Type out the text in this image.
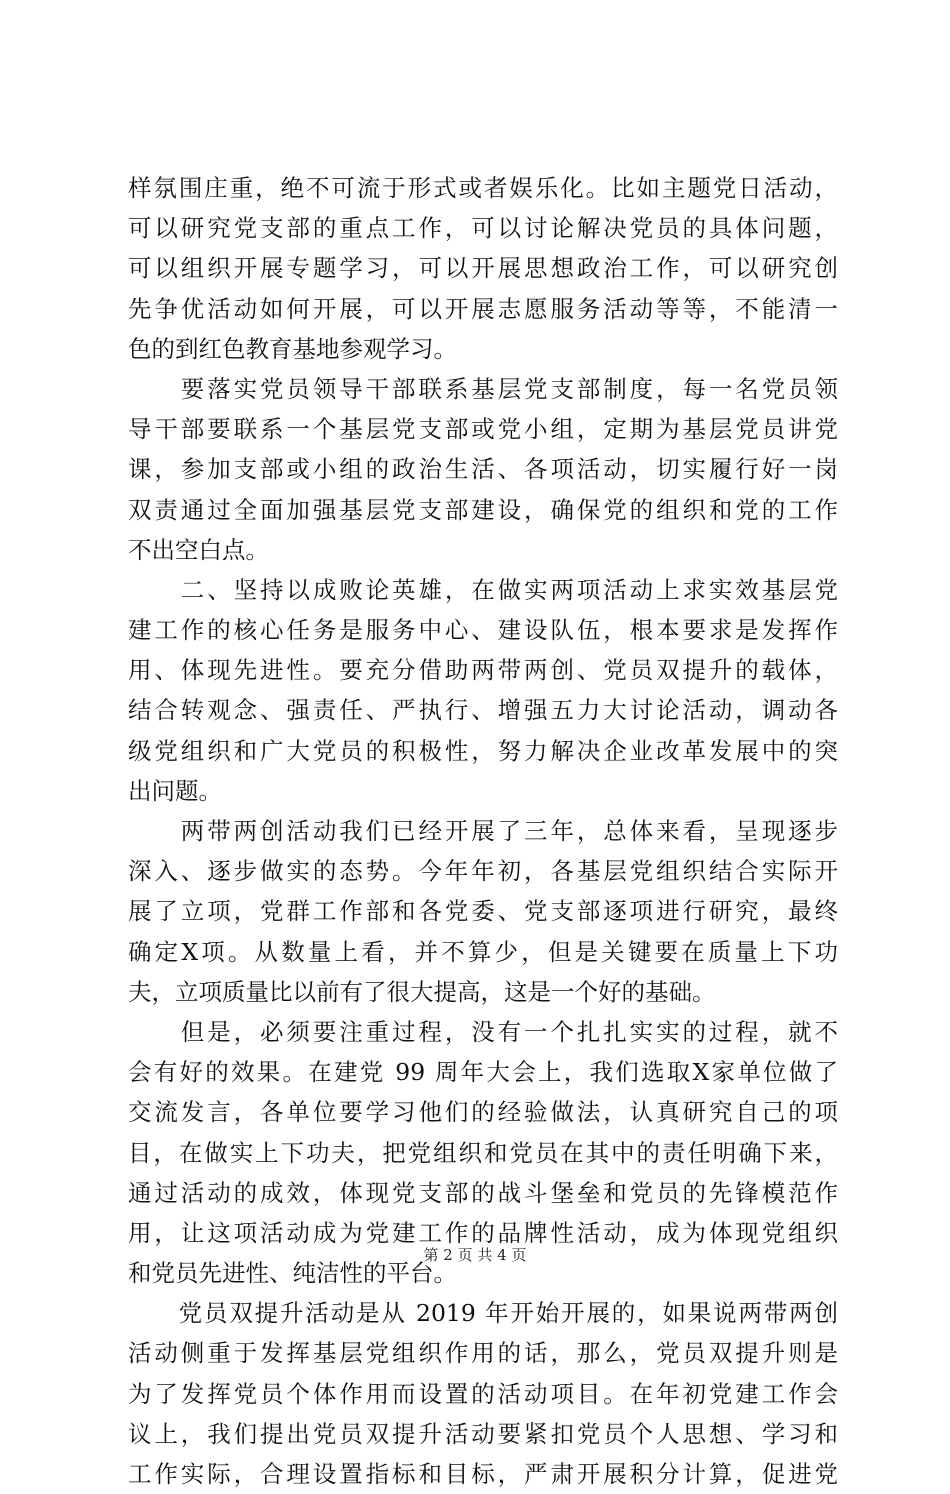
样氛围庄重，绝不可流于形式或者娱乐化。比如主题党日活动，
可以研究党支部的重点工作，可以讨论解决党员的具体问题，
可以组织开展专题学习，可以开展思想政治工作，可以研究创
先争优活动如何开展，可以开展志愿服务活动等等，不能清一
色的到红色教育基地参观学习。
　　要落实党员领导干部联系基层党支部制度，每一名党员领
导干部要联系一个基层党支部或党小组，定期为基层党员讲党
课，参加支部或小组的政治生活、各项活动，切实履行好一岗
双责通过全面加强基层党支部建设，确保党的组织和党的工作
不出空白点。
　　二、坚持以成败论英雄，在做实两项活动上求实效基层党
建工作的核心任务是服务中心、建设队伍，根本要求是发挥作
用、体现先进性。要充分借助两带两创、党员双提升的载体，
结合转观念、强责任、严执行、增强五力大讨论活动，调动各
级党组织和广大党员的积极性，努力解决企业改革发展中的突
出问题。
　　两带两创活动我们已经开展了三年，总体来看，呈现逐步
深入、逐步做实的态势。今年年初，各基层党组织结合实际开
展了立项，党群工作部和各党委、党支部逐项进行研究，最终
确定X项。从数量上看，并不算少，但是关键要在质量上下功
夫，立项质量比以前有了很大提高，这是一个好的基础。
　　但是，必须要注重过程，没有一个扎扎实实的过程，就不
会有好的效果。在建党 99 周年大会上，我们选取X家单位做了
交流发言，各单位要学习他们的经验做法，认真研究自己的项
目，在做实上下功夫，把党组织和党员在其中的责任明确下来，
通过活动的成效，体现党支部的战斗堡垒和党员的先锋模范作
用，让这项活动成为党建工作的品牌性活动，成为体现党组织
和党员先进性、纯洁性的平台。
　　党员双提升活动是从 2019 年开始开展的，如果说两带两创
活动侧重于发挥基层党组织作用的话，那么，党员双提升则是
为了发挥党员个体作用而设置的活动项目。在年初党建工作会
议上，我们提出党员双提升活动要紧扣党员个人思想、学习和
工作实际，合理设置指标和目标，严肃开展积分计算，促进党
第 2 页 共 4 页
